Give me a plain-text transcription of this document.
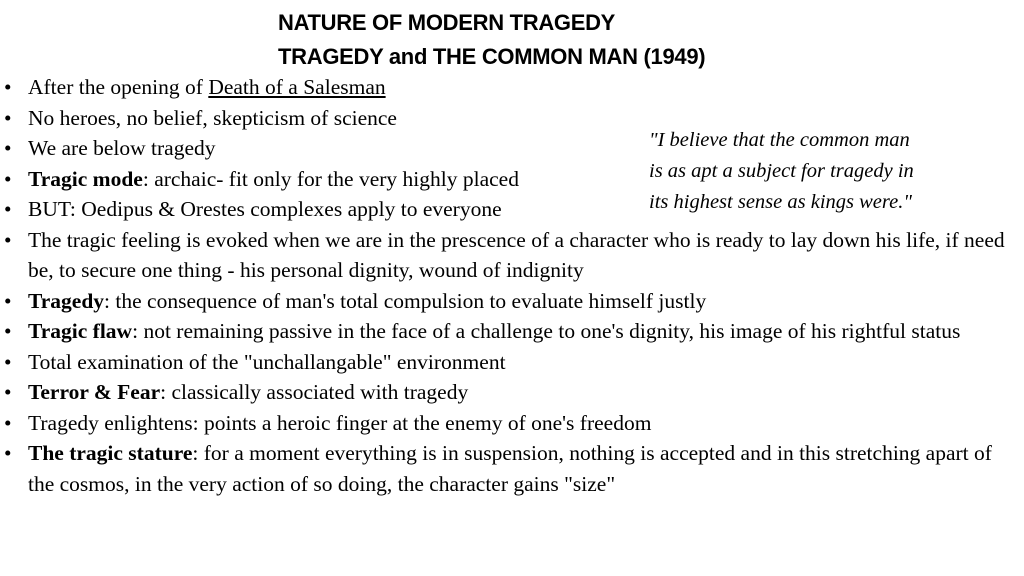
NATURE OF MODERN TRAGEDY
TRAGEDY and THE COMMON MAN (1949)
"I believe that the common man
is as apt a subject for tragedy in
its highest sense as kings were."
• After the opening of Death of a Salesman
• No heroes, no belief, skepticism of science
• We are below tragedy
• Tragic mode: archaic- fit only for the very highly placed
• BUT: Oedipus & Orestes complexes apply to everyone
• The tragic feeling is evoked when we are in the prescence of a character who is ready to lay down his life, if need be, to secure one thing - his personal dignity, wound of indignity
• Tragedy: the consequence of man's total compulsion to evaluate himself justly
• Tragic flaw: not remaining passive in the face of a challenge to one's dignity, his image of his rightful status
• Total examination of the "unchallangable" environment
• Terror & Fear: classically associated with tragedy
• Tragedy enlightens: points a heroic finger at the enemy of one's freedom
• The tragic stature: for a moment everything is in suspension, nothing is accepted and in this stretching apart of the cosmos, in the very action of so doing, the character gains "size"
